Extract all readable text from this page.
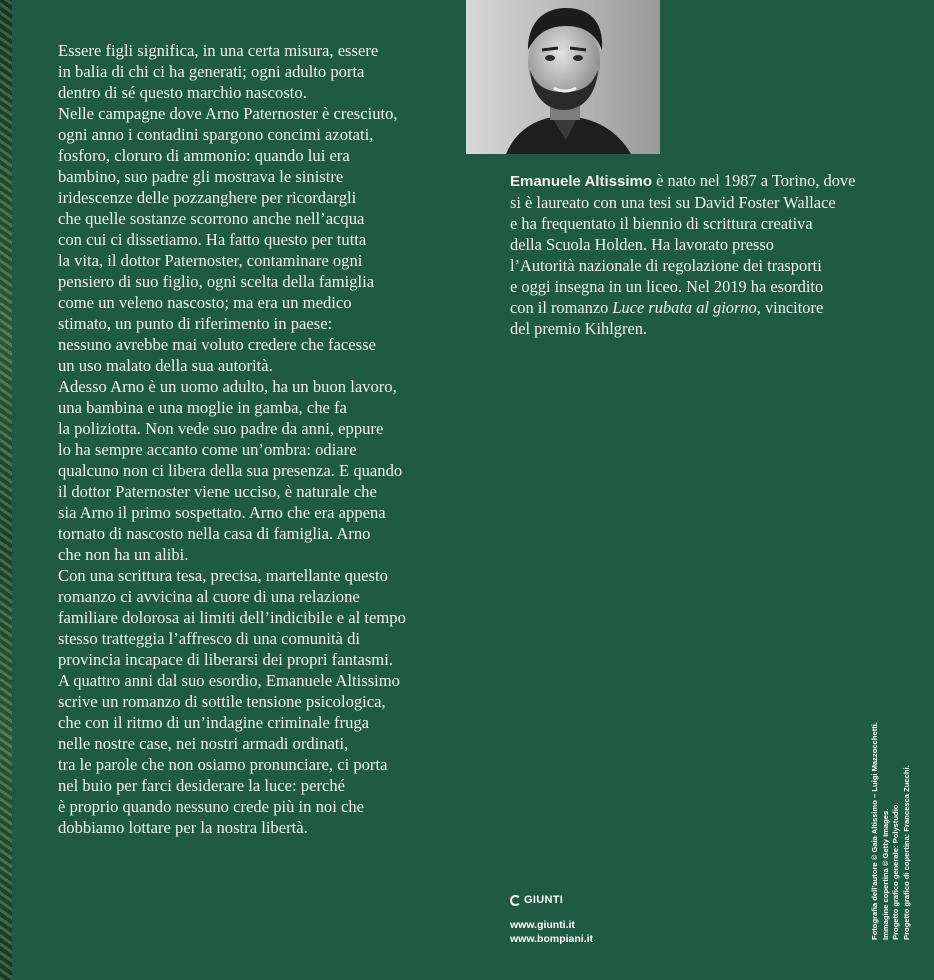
Essere figli significa, in una certa misura, essere

in balia di chi ci ha generati; ogni adulto porta

dentro di sé questo marchio nascosto.

Nelle campagne dove Arno Paternoster è cresciuto,

ogni anno i contadini spargono concimi azotati,

fosforo, cloruro di ammonio: quando lui era

bambino, suo padre gli mostrava le sinistre

iridescenze delle pozzanghere per ricordargli

che quelle sostanze scorrono anche nell’acqua

con cui ci dissetiamo. Ha fatto questo per tutta

la vita, il dottor Paternoster, contaminare ogni

pensiero di suo figlio, ogni scelta della famiglia

come un veleno nascosto; ma era un medico

stimato, un punto di riferimento in paese:

nessuno avrebbe mai voluto credere che facesse

un uso malato della sua autorità.

Adesso Arno è un uomo adulto, ha un buon lavoro,

una bambina e una moglie in gamba, che fa

la poliziotta. Non vede suo padre da anni, eppure

lo ha sempre accanto come un’ombra: odiare

qualcuno non ci libera della sua presenza. E quando

il dottor Paternoster viene ucciso, è naturale che

sia Arno il primo sospettato. Arno che era appena

tornato di nascosto nella casa di famiglia. Arno

che non ha un alibi.

Con una scrittura tesa, precisa, martellante questo

romanzo ci avvicina al cuore di una relazione

familiare dolorosa ai limiti dell’indicibile e al tempo

stesso tratteggia l’affresco di una comunità di

provincia incapace di liberarsi dei propri fantasmi.

A quattro anni dal suo esordio, Emanuele Altissimo

scrive un romanzo di sottile tensione psicologica,

che con il ritmo di un’indagine criminale fruga

nelle nostre case, nei nostri armadi ordinati,

tra le parole che non osiamo pronunciare, ci porta

nel buio per farci desiderare la luce: perché

è proprio quando nessuno crede più in noi che

dobbiamo lottare per la nostra libertà.

Emanuele Altissimo è nato nel 1987 a Torino, dove
si è laureato con una tesi su David Foster Wallace
e ha frequentato il biennio di scrittura creativa
della Scuola Holden. Ha lavorato presso
l’Autorità nazionale di regolazione dei trasporti
e oggi insegna in un liceo. Nel 2019 ha esordito
con il romanzo Luce rubata al giorno, vincitore
del premio Kihlgren.
GIUNTI
www.giunti.it
www.bompiani.it	Fotografia dell’autore © Gaia Altissimo – Luigi Mazzocchetti. Immagine copertina © Getty Images. Progetto grafico generale: Polystudio. Progetto grafico di copertina: Francesca Zucchi.
